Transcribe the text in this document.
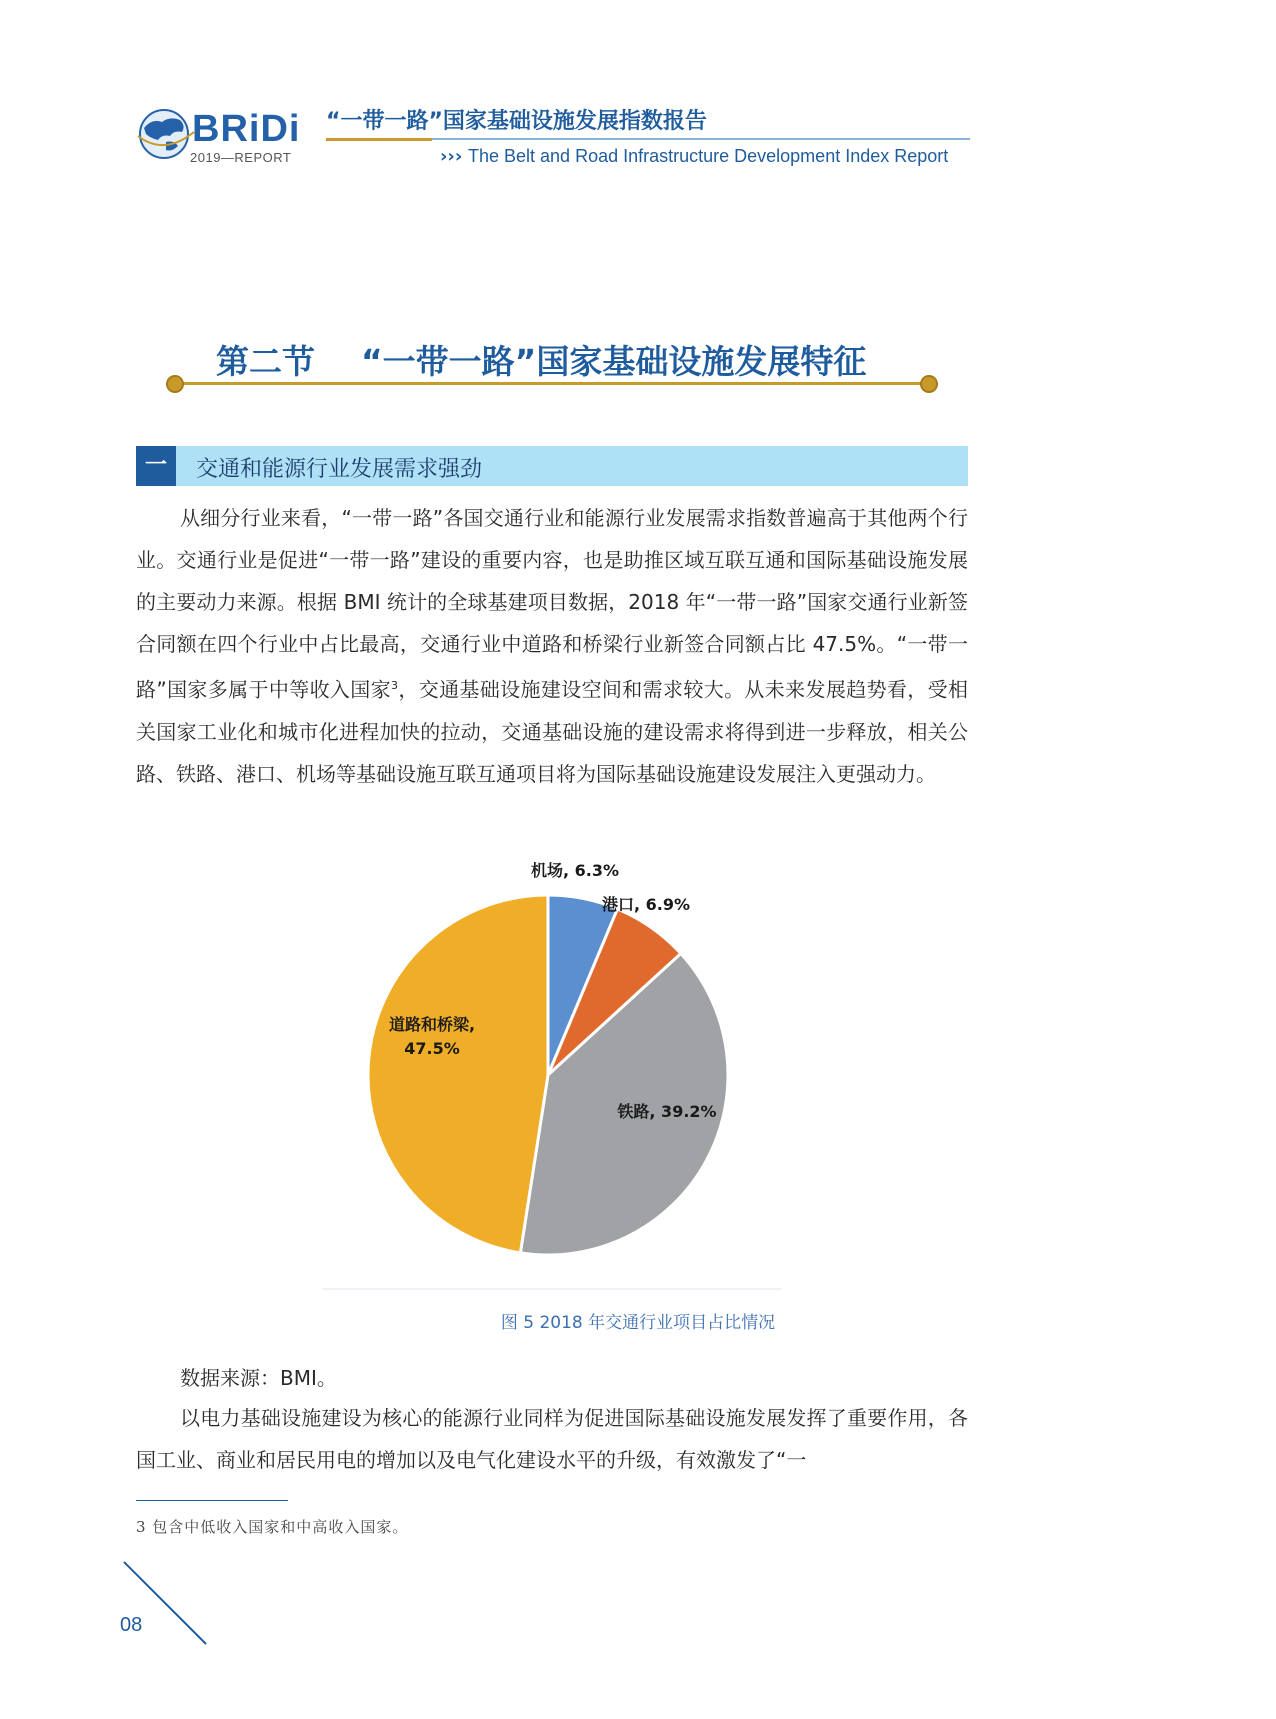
BRiDi
2019—REPORT
“一带一路”国家基础设施发展指数报告
››› The Belt and Road Infrastructure Development Index Report
第二节    “一带一路”国家基础设施发展特征
一	交通和能源行业发展需求强劲

从细分行业来看，“一带一路”各国交通行业和能源行业发展需求指数普遍高于其他两个行业。交通行业是促进“一带一路”建设的重要内容，也是助推区域互联互通和国际基础设施发展的主要动力来源。根据 BMI 统计的全球基建项目数据，2018 年“一带一路”国家交通行业新签合同额在四个行业中占比最高，交通行业中道路和桥梁行业新签合同额占比 47.5%。“一带一路”国家多属于中等收入国家$^3$，交通基础设施建设空间和需求较大。从未来发展趋势看，受相关国家工业化和城市化进程加快的拉动，交通基础设施的建设需求将得到进一步释放，相关公路、铁路、港口、机场等基础设施互联互通项目将为国际基础设施建设发展注入更强动力。

机场, 6.3%
港口, 6.9%
铁路, 39.2%
道路和桥梁,
47.5%
图 5 2018 年交通行业项目占比情况
数据来源：BMI。

以电力基础设施建设为核心的能源行业同样为促进国际基础设施发展发挥了重要作用，各国工业、商业和居民用电的增加以及电气化建设水平的升级，有效激发了“一

3 包含中低收入国家和中高收入国家。
08
